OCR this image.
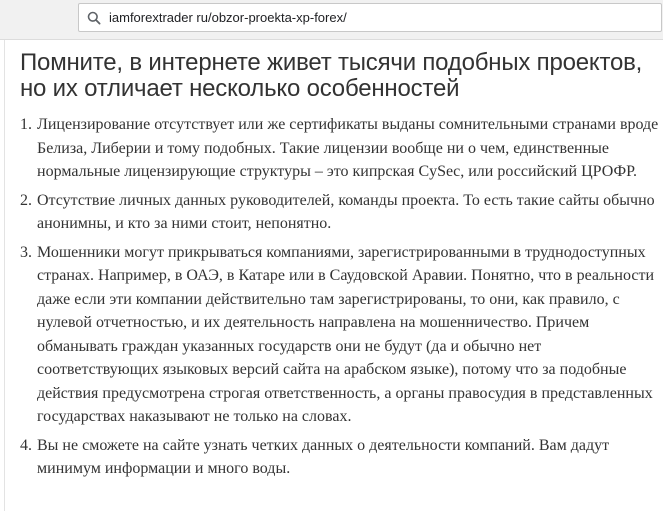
iamforextrader ru/obzor-proekta-xp-forex/
Помните, в интернете живет тысячи подобных проектов, но их отличает несколько особенностей
1. Лицензирование отсутствует или же сертификаты выданы сомнительными странами вроде Белиза, Либерии и тому подобных. Такие лицензии вообще ни о чем, единственные нормальные лицензирующие структуры – это кипрская CySec, или российский ЦРОФР.
2. Отсутствие личных данных руководителей, команды проекта. То есть такие сайты обычно анонимны, и кто за ними стоит, непонятно.
3. Мошенники могут прикрываться компаниями, зарегистрированными в труднодоступных странах. Например, в ОАЭ, в Катаре или в Саудовской Аравии. Понятно, что в реальности даже если эти компании действительно там зарегистрированы, то они, как правило, с нулевой отчетностью, и их деятельность направлена на мошенничество. Причем обманывать граждан указанных государств они не будут (да и обычно нет соответствующих языковых версий сайта на арабском языке), потому что за подобные действия предусмотрена строгая ответственность, а органы правосудия в представленных государствах наказывают не только на словах.
4. Вы не сможете на сайте узнать четких данных о деятельности компаний. Вам дадут минимум информации и много воды.
